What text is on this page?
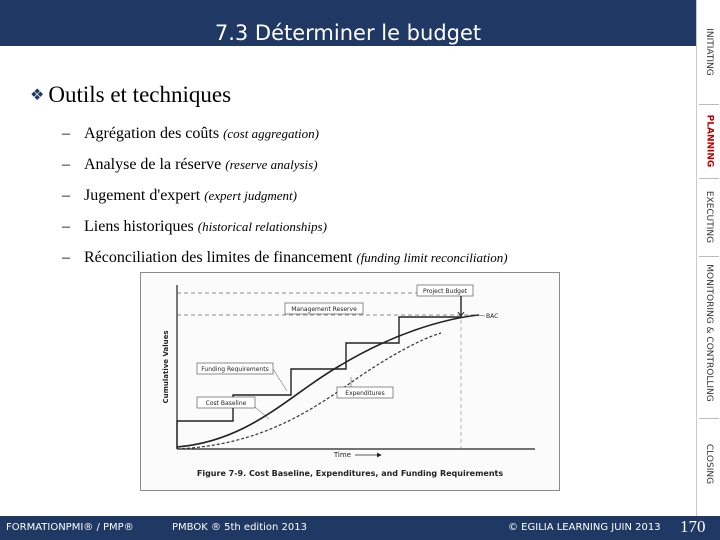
7.3 Déterminer le budget	INITIATING
PLANNING
EXECUTING
MONITORING & CONTROLLING
CLOSING
❖ Outils et techniques
– Agrégation des coûts (cost aggregation)
– Analyse de la réserve (reserve analysis)
– Jugement d'expert (expert judgment)
– Liens historiques (historical relationships)
– Réconciliation des limites de financement (funding limit reconciliation)
Cumulative Values
Time
Project Budget
Management Reserve
BAC
Funding Requirements
Expenditures
Cost Baseline
Figure 7-9. Cost Baseline, Expenditures, and Funding Requirements
FORMATIONPMI® / PMP®	PMBOK ® 5th edition 2013	© EGILIA LEARNING JUIN 2013 170
